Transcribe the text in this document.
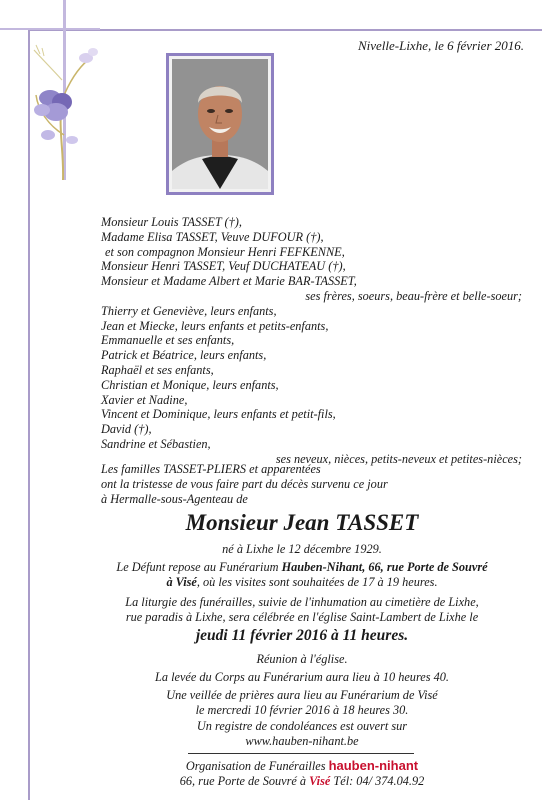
Nivelle-Lixhe, le 6 février 2016.
Monsieur Louis TASSET (†),
Madame Elisa TASSET, Veuve DUFOUR (†),
et son compagnon Monsieur Henri FEFKENNE,
Monsieur Henri TASSET, Veuf DUCHATEAU (†),
Monsieur et Madame Albert et Marie BAR-TASSET,
ses frères, soeurs, beau-frère et belle-soeur;
Thierry et Geneviève, leurs enfants,
Jean et Miecke, leurs enfants et petits-enfants,
Emmanuelle et ses enfants,
Patrick et Béatrice, leurs enfants,
Raphaël et ses enfants,
Christian et Monique, leurs enfants,
Xavier et Nadine,
Vincent et Dominique, leurs enfants et petit-fils,
David (†),
Sandrine et Sébastien,
ses neveux, nièces, petits-neveux et petites-nièces;
Les familles TASSET-PLIERS et apparentées
ont la tristesse de vous faire part du décès survenu ce jour
à Hermalle-sous-Agenteau de
Monsieur Jean TASSET
né à Lixhe le 12 décembre 1929.
Le Défunt repose au Funérarium Hauben-Nihant, 66, rue Porte de Souvré
à Visé, où les visites sont souhaitées de 17 à 19 heures.
La liturgie des funérailles, suivie de l'inhumation au cimetière de Lixhe,
rue paradis à Lixhe, sera célébrée en l'église Saint-Lambert de Lixhe le
jeudi 11 février 2016 à 11 heures.
Réunion à l'église.
La levée du Corps au Funérarium aura lieu à 10 heures 40.
Une veillée de prières aura lieu au Funérarium de Visé
le mercredi 10 février 2016 à 18 heures 30.
Un registre de condoléances est ouvert sur
www.hauben-nihant.be
Organisation de Funérailles hauben-nihant
66, rue Porte de Souvré à Visé Tél: 04/ 374.04.92
